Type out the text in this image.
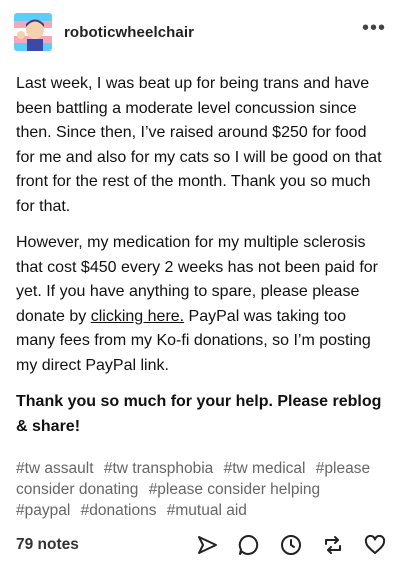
roboticwheelchair	•••

Last week, I was beat up for being trans and have been battling a moderate level concussion since then. Since then, I’ve raised around $250 for food for me and also for my cats so I will be good on that front for the rest of the month. Thank you so much for that.

However, my medication for my multiple sclerosis that cost $450 every 2 weeks has not been paid for yet. If you have anything to spare, please please donate by clicking here. PayPal was taking too many fees from my Ko-fi donations, so I’m posting my direct PayPal link.

Thank you so much for your help. Please reblog & share!

#tw assault #tw transphobia #tw medical #please consider donating #please consider helping #paypal #donations #mutual aid
79 notes
